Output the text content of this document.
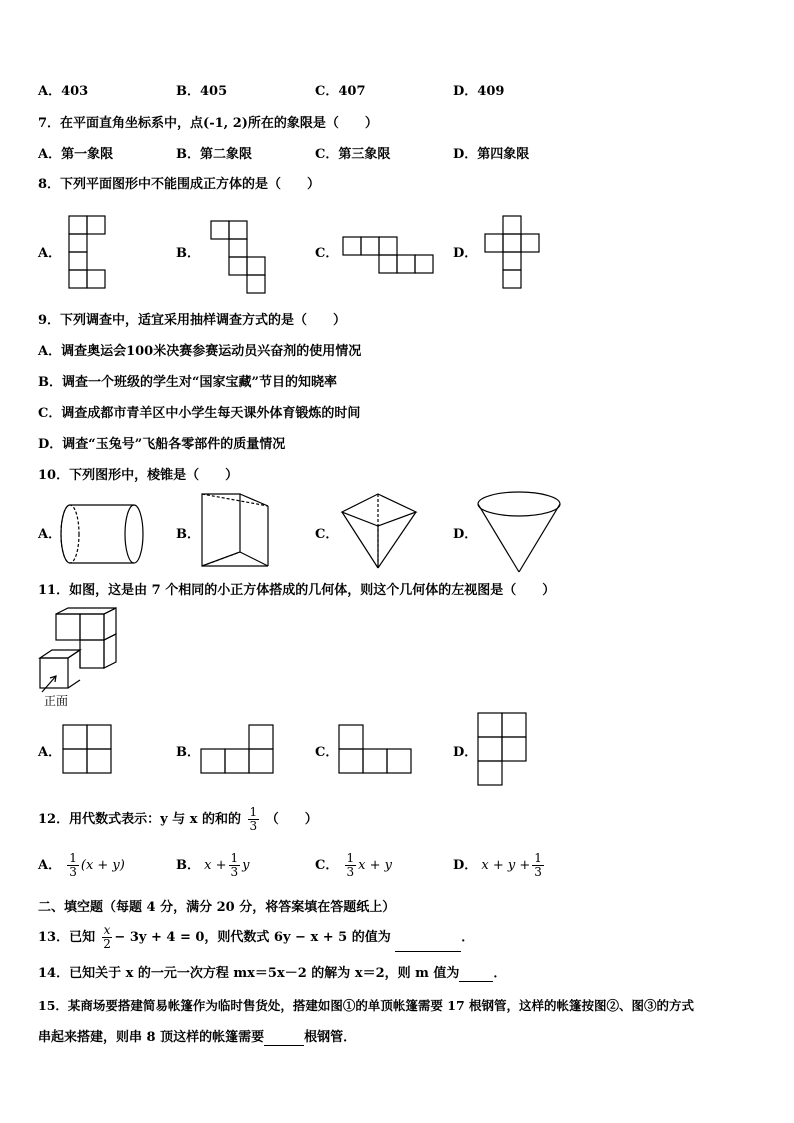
A．403	B．405	C．407	D．409
7．在平面直角坐标系中，点(-1, 2)所在的象限是（　　）
A．第一象限	B．第二象限	C．第三象限	D．第四象限
8．下列平面图形中不能围成正方体的是（　　）
A．	B．	C．	D．
9．下列调查中，适宜采用抽样调查方式的是（　　）
A．调查奥运会100米决赛参赛运动员兴奋剂的使用情况
B．调查一个班级的学生对“国家宝藏”节目的知晓率
C．调查成都市青羊区中小学生每天课外体育锻炼的时间
D．调查“玉兔号”飞船各零部件的质量情况
10．下列图形中，棱锥是（　　）
A．	B．	C．	D．
11．如图，这是由 7 个相同的小正方体搭成的几何体，则这个几何体的左视图是（　　）
正面
A．	B．	C．	D．
12．用代数式表示：y 与 x 的和的 $\frac{1}{3}$ （　　）
A． $\frac{1}{3} (x + y)$	B． $x + \frac{1}{3}$ y	C． $\frac{1}{3}$ x + y	D． $x + y + \frac{1}{3}$
二、填空题（每题 4 分，满分 20 分，将答案填在答题纸上）
13．已知 $\frac{x}{2} - 3y + 4 = 0$，则代数式 6y − x + 5 的值为	．
14．已知关于 x 的一元一次方程 mx＝5x－2 的解为 x＝2，则 m 值为	．
15．某商场要搭建简易帐篷作为临时售货处，搭建如图①的单顶帐篷需要 17 根钢管，这样的帐篷按图②、图③的方式
串起来搭建，则串 8 顶这样的帐篷需要	根钢管．
